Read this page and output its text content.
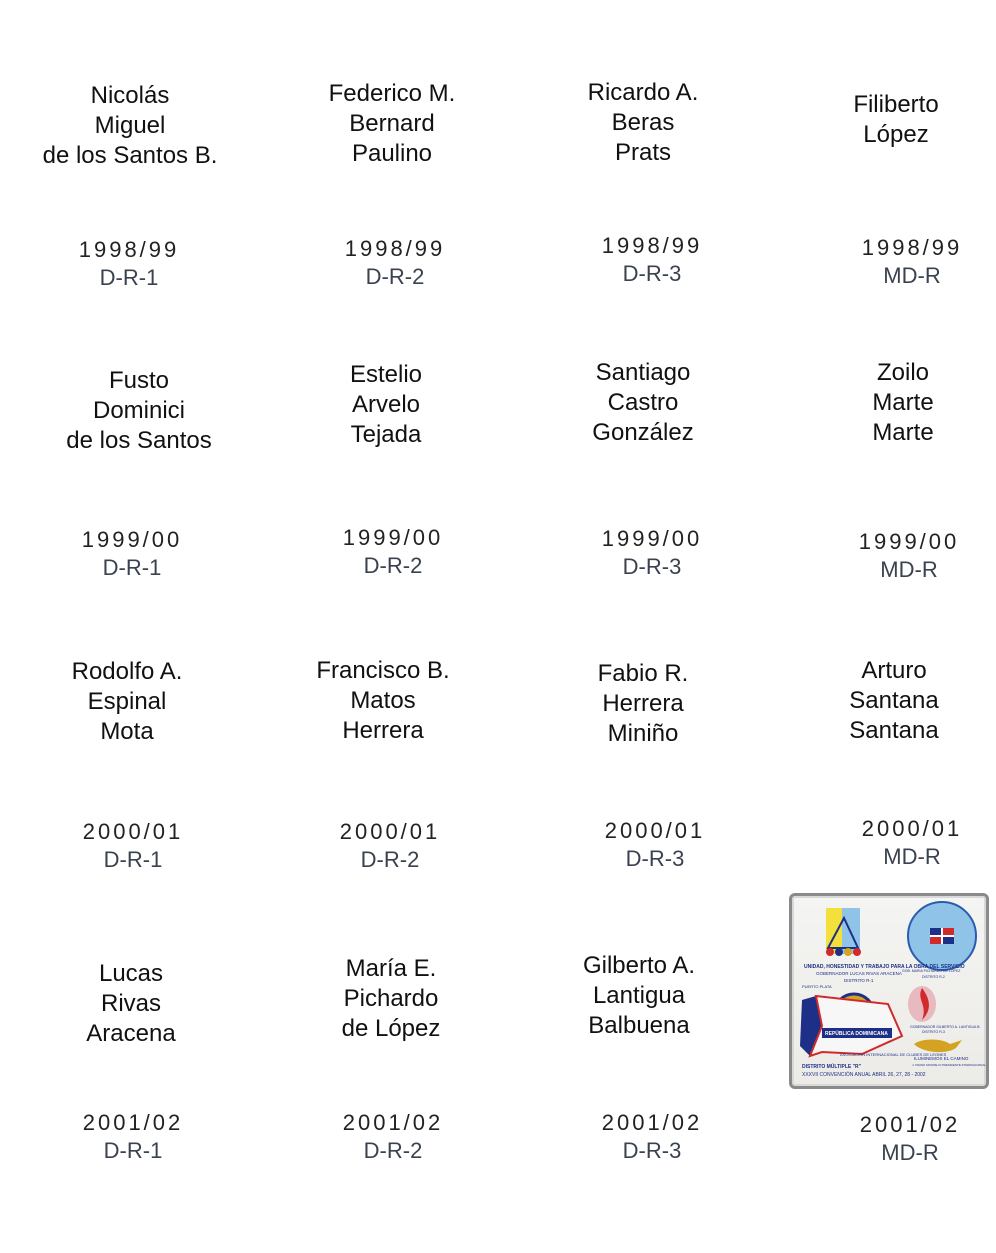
Nicolás
Miguel
de los Santos B.
1998/99
D-R-1
Federico M.
Bernard
Paulino
1998/99
D-R-2
Ricardo A.
Beras
Prats
1998/99
D-R-3
Filiberto
López
1998/99
MD-R
Fusto
Dominici
de los Santos
1999/00
D-R-1
Estelio
Arvelo
Tejada
1999/00
D-R-2
Santiago
Castro
González
1999/00
D-R-3
Zoilo
Marte
Marte
1999/00
MD-R
Rodolfo A.
Espinal
Mota
2000/01
D-R-1
Francisco B.
Matos
Herrera
2000/01
D-R-2
Fabio R.
Herrera
Miniño
2000/01
D-R-3
Arturo
Santana
Santana
2000/01
MD-R
Lucas
Rivas
Aracena
2001/02
D-R-1
María E.
Pichardo
de López
2001/02
D-R-2
Gilberto A.
Lantigua
Balbuena
2001/02
D-R-3
UNIDAD, HONESTIDAD Y TRABAJO PARA LA OBRA DEL SERVICIO
GOBERNADOR LUCAS RIVAS ARACENA
DISTRITO R-1
GOB. MARIA PICHARDO DE LOPEZ
DISTRITO R-2
GOBERNADOR GILBERTO A. LANTIGUA B.
DISTRITO R-3
PUERTO PLATA
REPÚBLICA DOMINICANA
ASOCIACIÓN INTERNACIONAL DE CLUBES DE LEONES
ILUMINEMOS EL CAMINO
J. FRANK MOORE III PRESIDENTE INTERNACIONAL
DISTRITO MÚLTIPLE "R"
XXXVII CONVENCIÓN ANUAL ABRIL 26, 27, 28 - 2002
2001/02
MD-R
